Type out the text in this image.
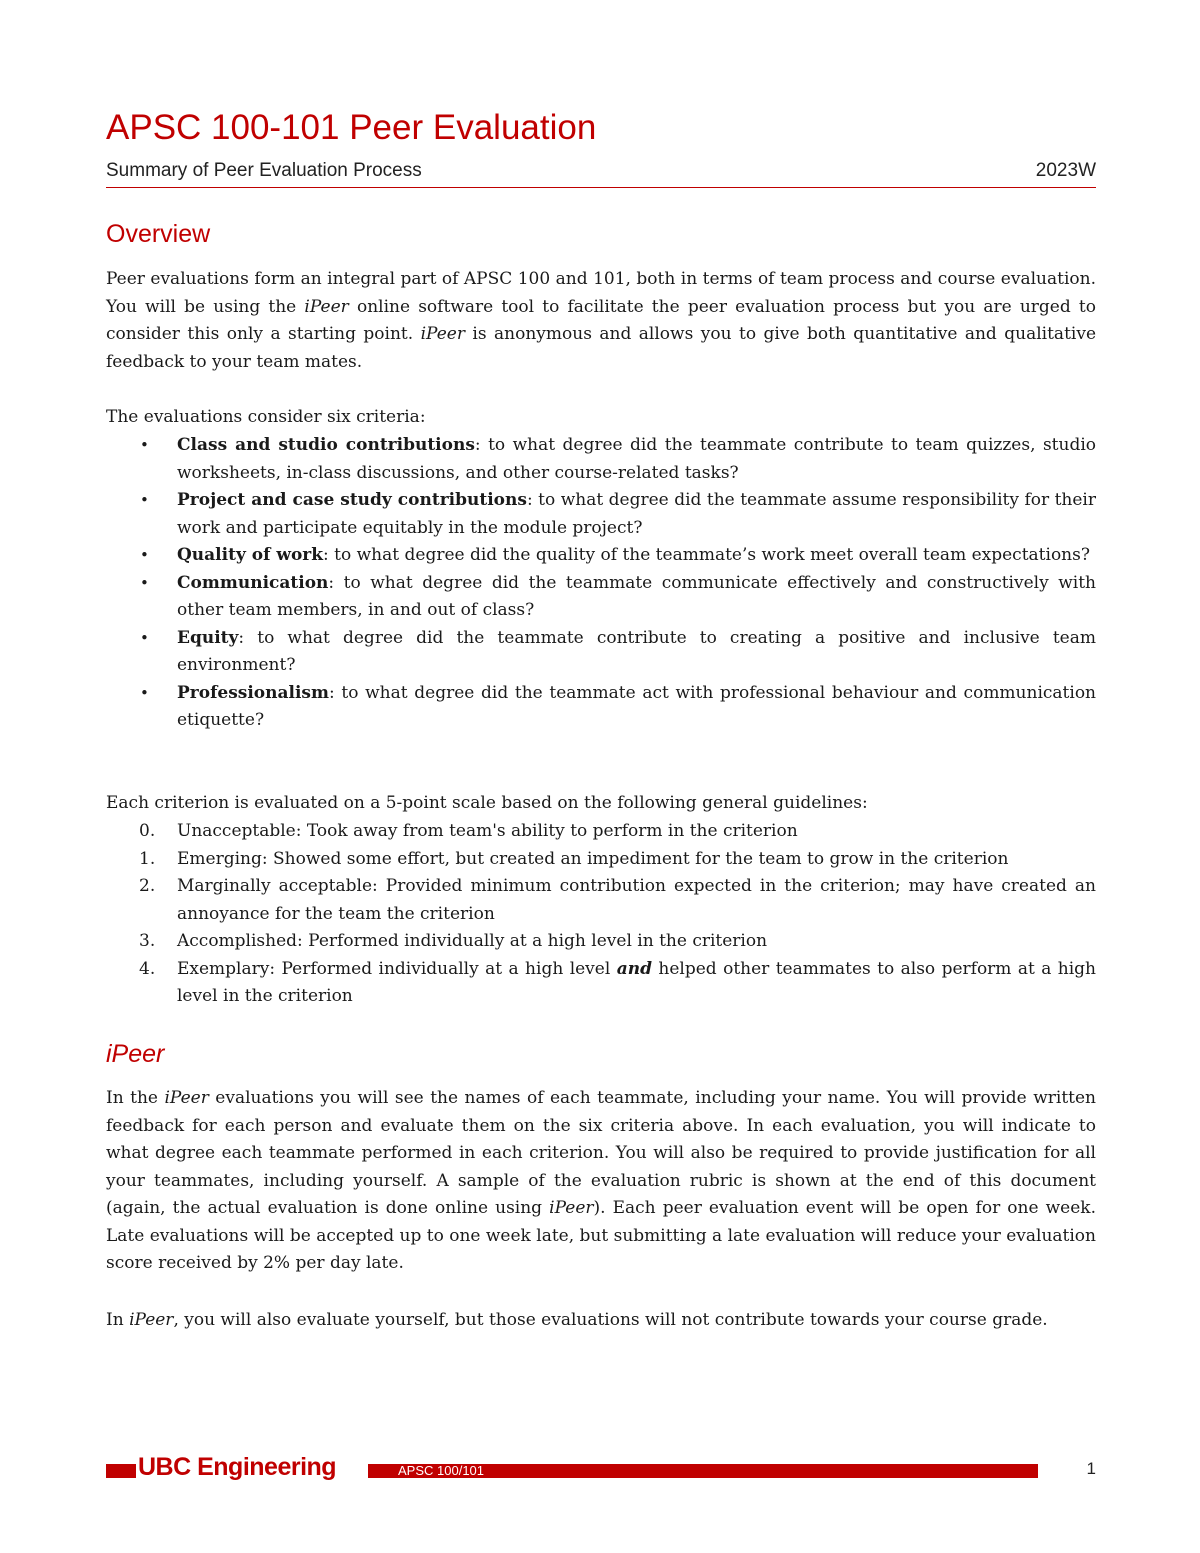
APSC 100-101 Peer Evaluation
Summary of Peer Evaluation Process	2023W
Overview

Peer evaluations form an integral part of APSC 100 and 101, both in terms of team process and course evaluation. You will be using the iPeer online software tool to facilitate the peer evaluation process but you are urged to consider this only a starting point. iPeer is anonymous and allows you to give both quantitative and qualitative feedback to your team mates.

The evaluations consider six criteria:

• Class and studio contributions: to what degree did the teammate contribute to team quizzes, studio worksheets, in-class discussions, and other course-related tasks?
• Project and case study contributions: to what degree did the teammate assume responsibility for their work and participate equitably in the module project?
• Quality of work: to what degree did the quality of the teammate’s work meet overall team expectations?
• Communication: to what degree did the teammate communicate effectively and constructively with other team members, in and out of class?
• Equity: to what degree did the teammate contribute to creating a positive and inclusive team environment?
• Professionalism: to what degree did the teammate act with professional behaviour and communication etiquette?

Each criterion is evaluated on a 5-point scale based on the following general guidelines:

0. Unacceptable: Took away from team's ability to perform in the criterion
1. Emerging: Showed some effort, but created an impediment for the team to grow in the criterion
2. Marginally acceptable: Provided minimum contribution expected in the criterion; may have created an annoyance for the team the criterion
3. Accomplished: Performed individually at a high level in the criterion
4. Exemplary: Performed individually at a high level and helped other teammates to also perform at a high level in the criterion
iPeer

In the iPeer evaluations you will see the names of each teammate, including your name. You will provide written feedback for each person and evaluate them on the six criteria above. In each evaluation, you will indicate to what degree each teammate performed in each criterion. You will also be required to provide justification for all your teammates, including yourself. A sample of the evaluation rubric is shown at the end of this document (again, the actual evaluation is done online using iPeer). Each peer evaluation event will be open for one week. Late evaluations will be accepted up to one week late, but submitting a late evaluation will reduce your evaluation score received by 2% per day late.

In iPeer, you will also evaluate yourself, but those evaluations will not contribute towards your course grade.

UBC Engineering	APSC 100/101	1
